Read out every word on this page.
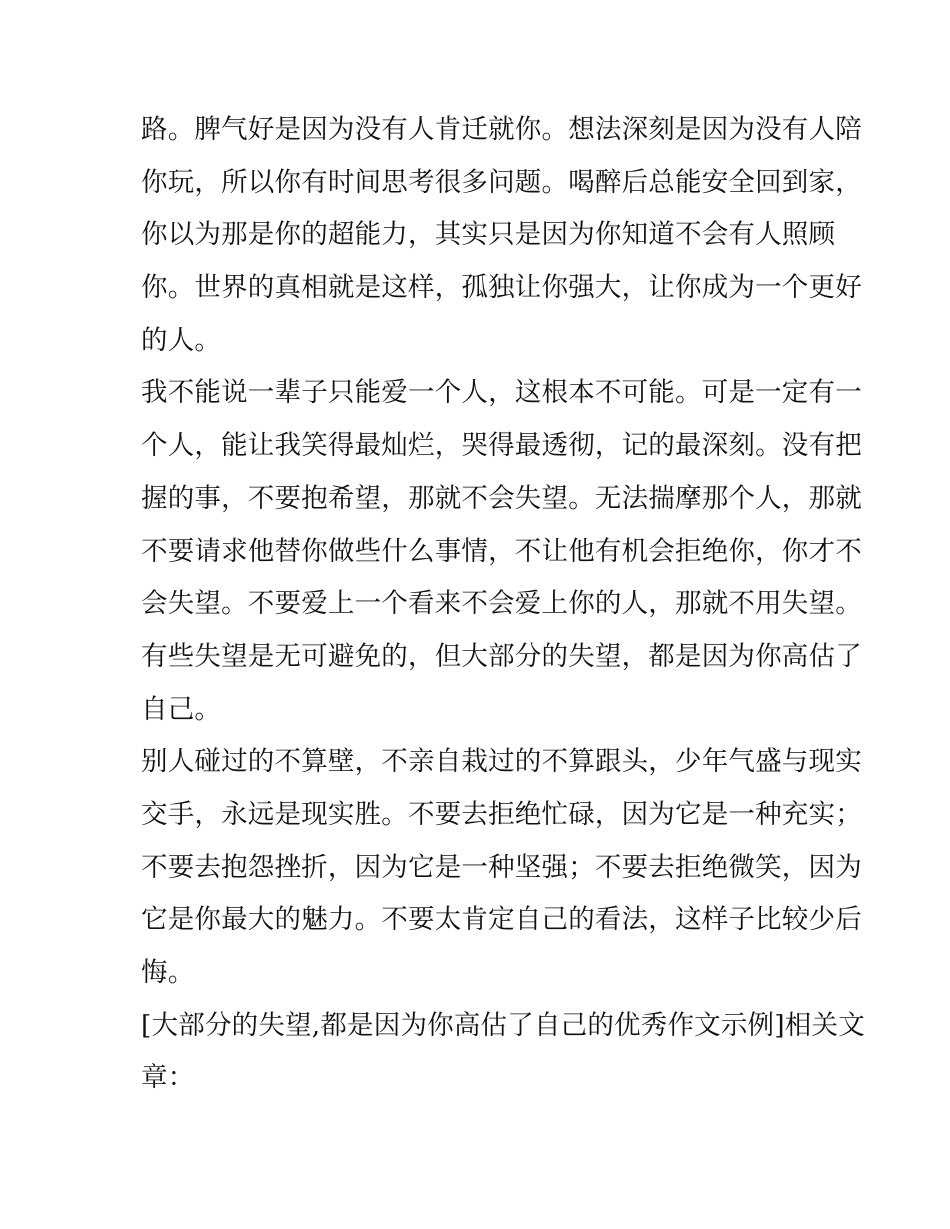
路。脾气好是因为没有人肯迁就你。想法深刻是因为没有人陪
你玩，所以你有时间思考很多问题。喝醉后总能安全回到家，
你以为那是你的超能力，其实只是因为你知道不会有人照顾
你。世界的真相就是这样，孤独让你强大，让你成为一个更好
的人。
我不能说一辈子只能爱一个人，这根本不可能。可是一定有一
个人，能让我笑得最灿烂，哭得最透彻，记的最深刻。没有把
握的事，不要抱希望，那就不会失望。无法揣摩那个人，那就
不要请求他替你做些什么事情，不让他有机会拒绝你，你才不
会失望。不要爱上一个看来不会爱上你的人，那就不用失望。
有些失望是无可避免的，但大部分的失望，都是因为你高估了
自己。
别人碰过的不算壁，不亲自栽过的不算跟头，少年气盛与现实
交手，永远是现实胜。不要去拒绝忙碌，因为它是一种充实；
不要去抱怨挫折，因为它是一种坚强；不要去拒绝微笑，因为
它是你最大的魅力。不要太肯定自己的看法，这样子比较少后
悔。
[大部分的失望,都是因为你高估了自己的优秀作文示例]相关文
章：
